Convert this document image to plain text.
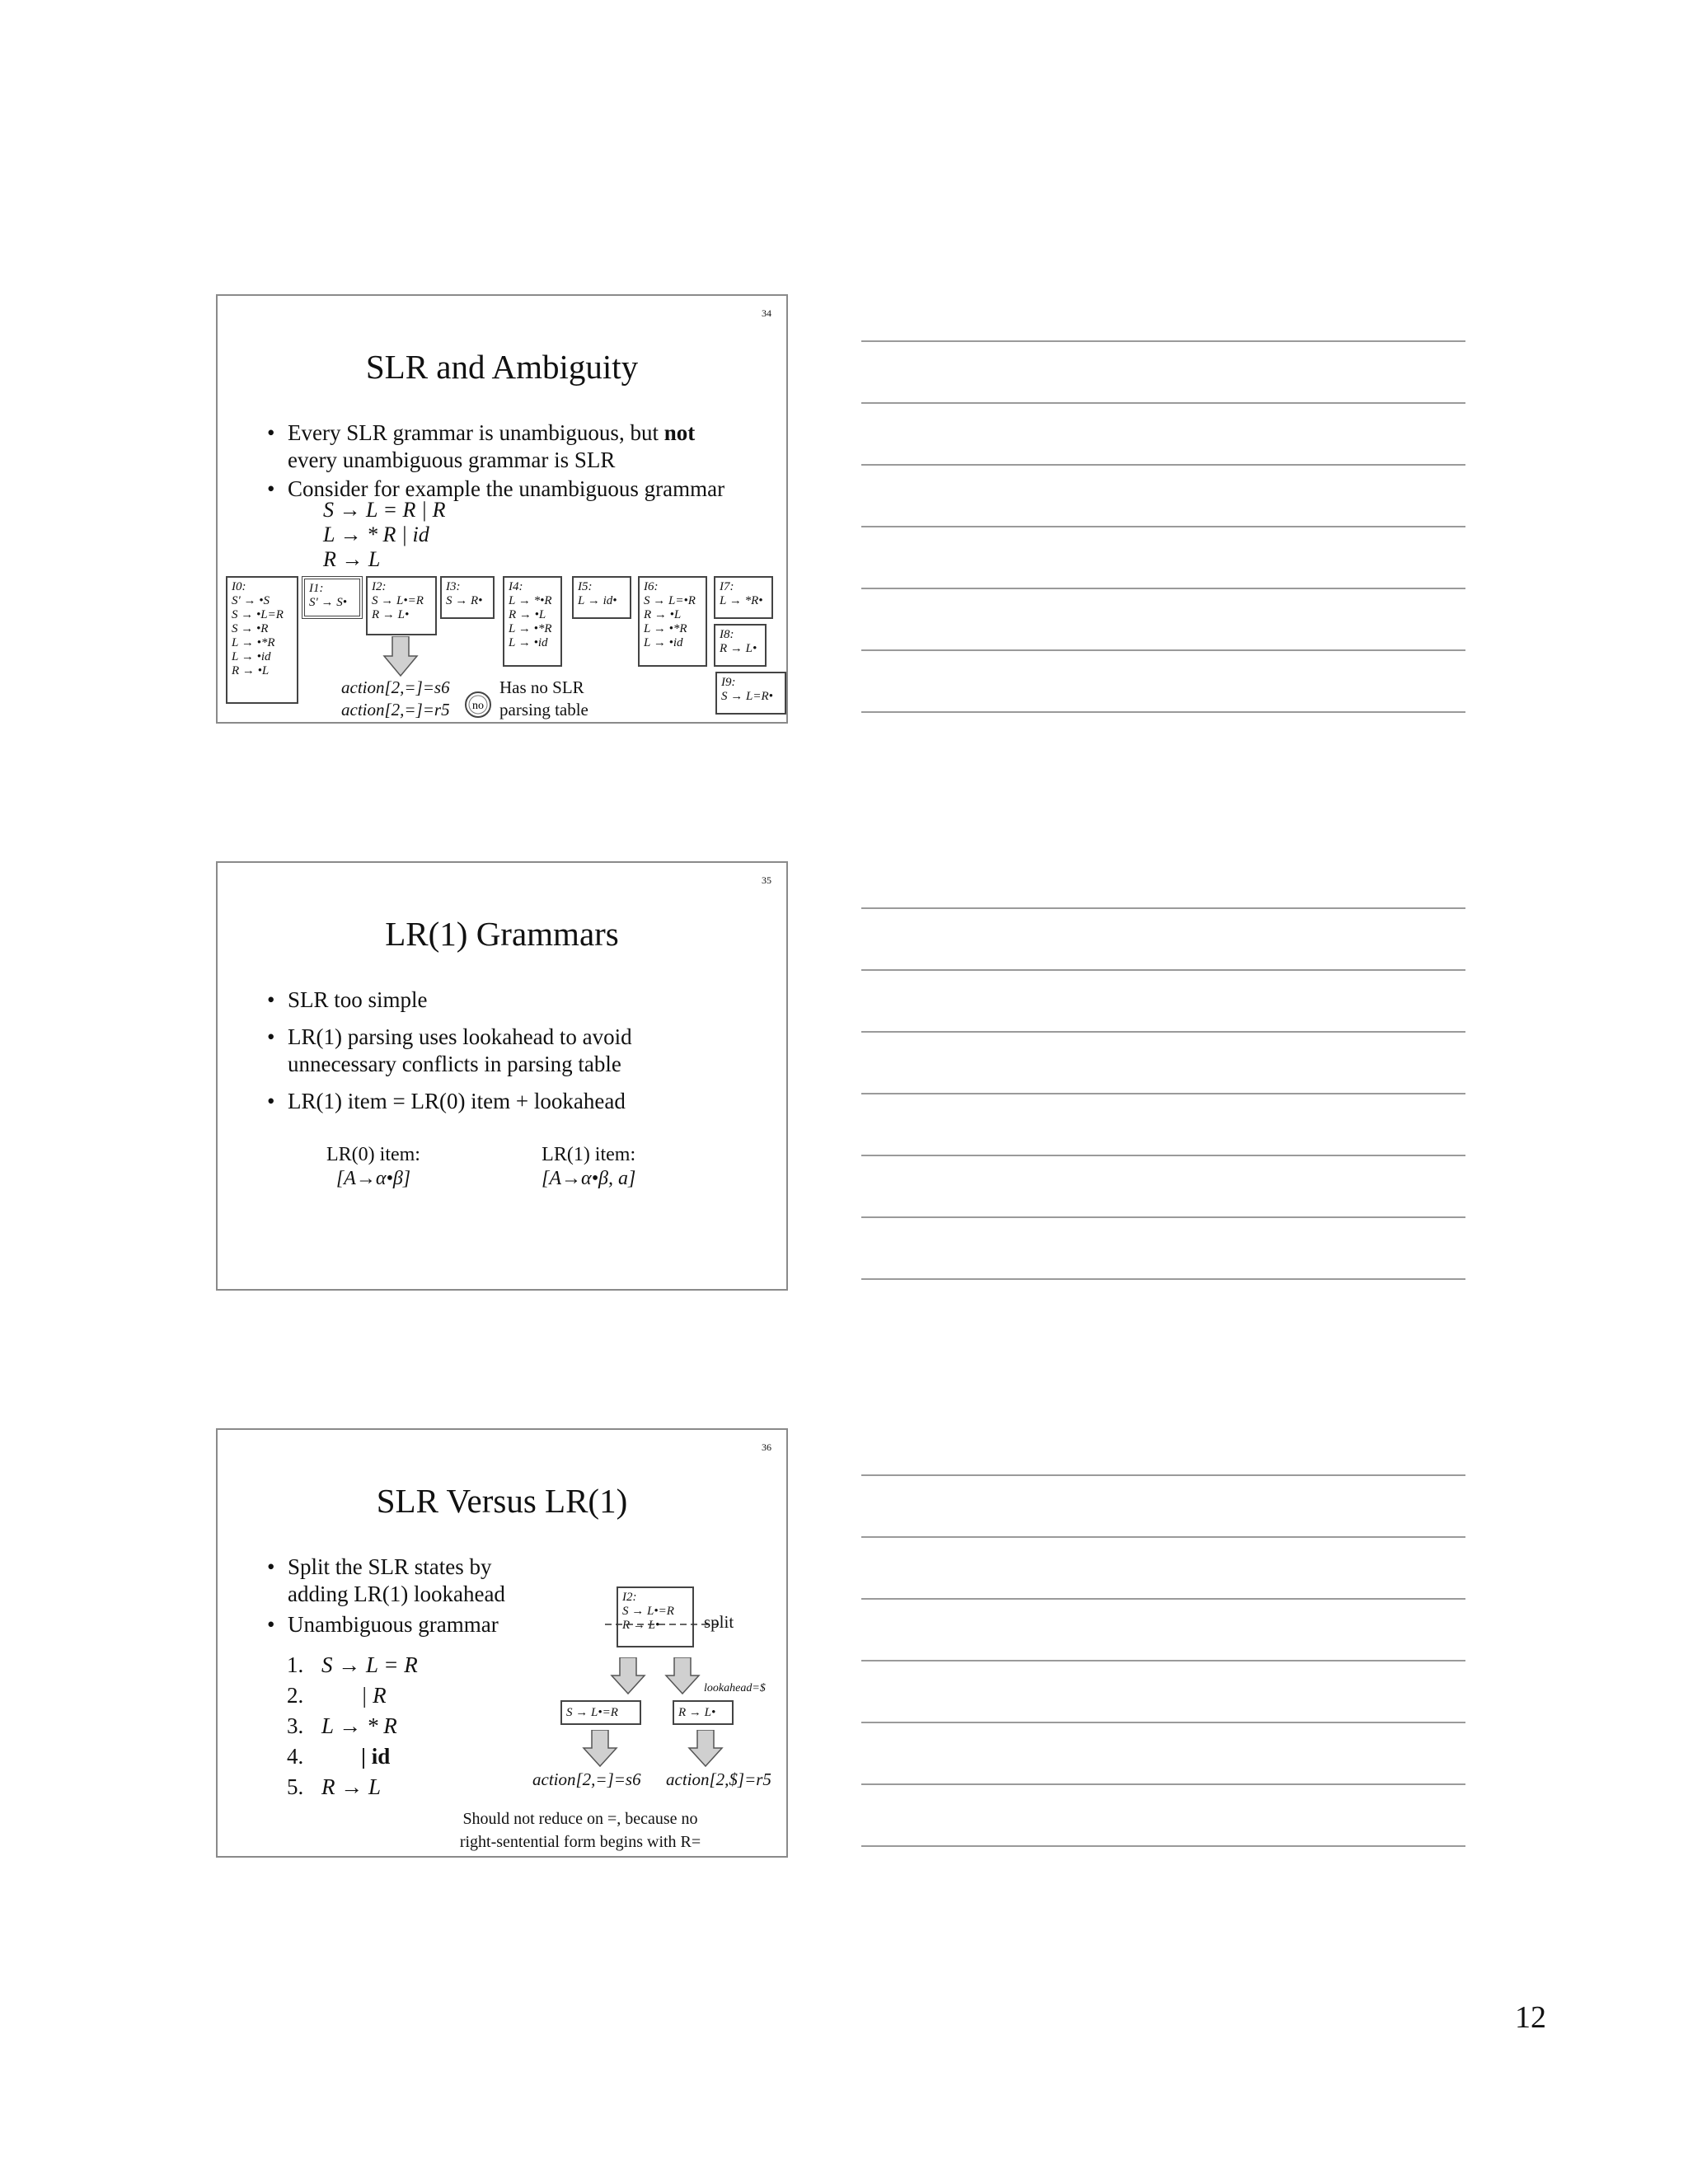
34
SLR and Ambiguity
• Every SLR grammar is unambiguous, but not
every unambiguous grammar is SLR
• Consider for example the unambiguous grammar
S → L = R | R
L → * R | id
R → L
I0:
S' → •S
S → •L=R
S → •R
L → •*R
L → •id
R → •L
I1:
S' → S•
I2:
S → L•=R
R → L•
I3:
S → R•
I4:
L → *•R
R → •L
L → •*R
L → •id
I5:
L → id•
I6:
S → L=•R
R → •L
L → •*R
L → •id
I7:
L → *R•
I8:
R → L•
I9:
S → L=R•
action[2,=]=s6
action[2,=]=r5 no
Has no SLR
parsing table
35
LR(1) Grammars
• SLR too simple
• LR(1) parsing uses lookahead to avoid unnecessary conflicts in parsing table
• LR(1) item = LR(0) item + lookahead
LR(0) item:
[A→α•β]
LR(1) item:
[A→α•β, a]
36
SLR Versus LR(1)
• Split the SLR states by adding LR(1) lookahead
• Unambiguous grammar
1. S → L = R
2.	| R
3. L → * R
4.	| id
5. R → L
I2:
S → L•=R
R → L•	split
lookahead=$
S → L•=R	R → L•
action[2,=]=s6 action[2,$]=r5
Should not reduce on =, because no
right-sentential form begins with R=
12
